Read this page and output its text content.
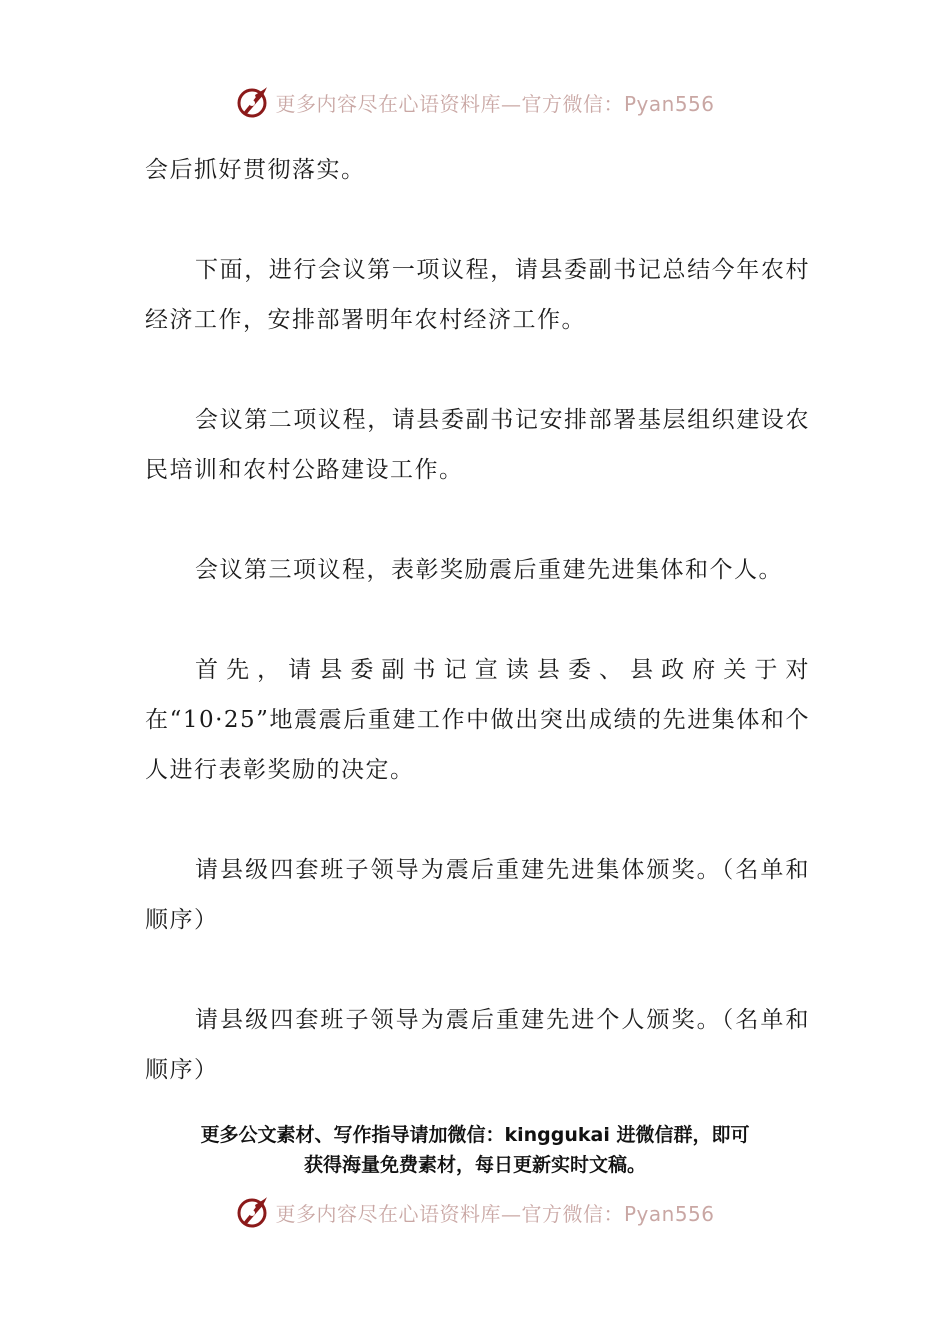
更多内容尽在心语资料库—官方微信：Pyan556

会后抓好贯彻落实。

下面，进行会议第一项议程，请县委副书记总结今年农村经济工作，安排部署明年农村经济工作。

会议第二项议程，请县委副书记安排部署基层组织建设农民培训和农村公路建设工作。

会议第三项议程，表彰奖励震后重建先进集体和个人。

首先，请县委副书记宣读县委、县政府关于对在“10·25”地震震后重建工作中做出突出成绩的先进集体和个人进行表彰奖励的决定。

请县级四套班子领导为震后重建先进集体颁奖。（名单和顺序）

请县级四套班子领导为震后重建先进个人颁奖。（名单和顺序）

更多公文素材、写作指导请加微信：kinggukai 进微信群，即可
获得海量免费素材，每日更新实时文稿。
更多内容尽在心语资料库—官方微信：Pyan556
